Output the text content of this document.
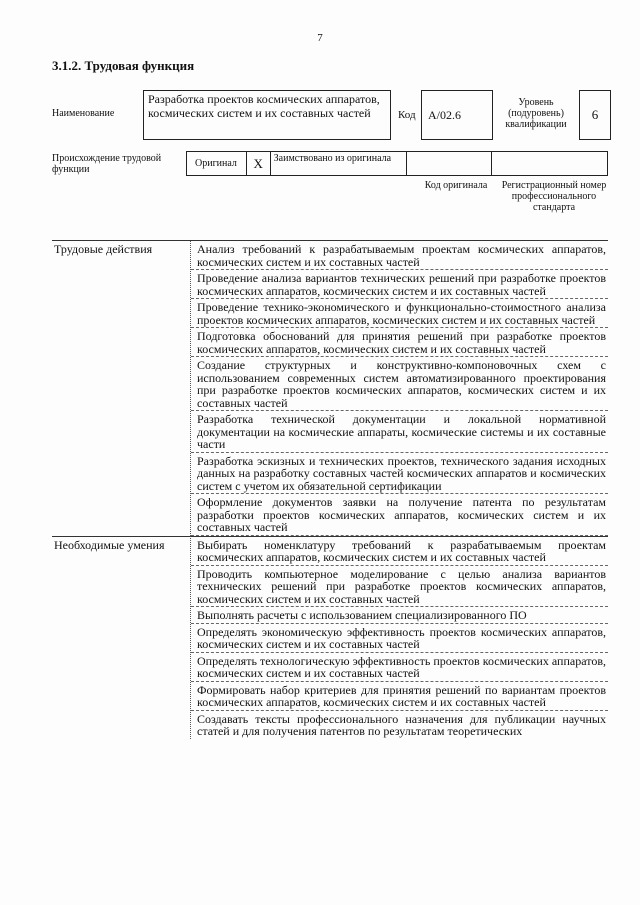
7
3.1.2. Трудовая функция
Наименование
Разработка проектов космических аппаратов, космических систем и их составных частей	Код	А/02.6
Уровень (подуровень) квалификации
6
Происхождение трудовой функции
Оригинал	X	Заимствовано из оригинала
Код оригинала	Регистрационный номер профессионального стандарта
Трудовые действия	Анализ требований к разрабатываемым проектам космических аппаратов, космических систем и их составных частей
Проведение анализа вариантов технических решений при разработке проектов космических аппаратов, космических систем и их составных частей
Проведение технико-экономического и функционально-стоимостного анализа проектов космических аппаратов, космических систем и их составных частей
Подготовка обоснований для принятия решений при разработке проектов космических аппаратов, космических систем и их составных частей
Создание структурных и конструктивно-компоновочных схем с использованием современных систем автоматизированного проектирования при разработке проектов космических аппаратов, космических систем и их составных частей
Разработка технической документации и локальной нормативной документации на космические аппараты, космические системы и их составные части
Разработка эскизных и технических проектов, технического задания исходных данных на разработку составных частей космических аппаратов и космических систем с учетом их обязательной сертификации
Оформление документов заявки на получение патента по результатам разработки проектов космических аппаратов, космических систем и их составных частей
Необходимые умения	Выбирать номенклатуру требований к разрабатываемым проектам космических аппаратов, космических систем и их составных частей
Проводить компьютерное моделирование с целью анализа вариантов технических решений при разработке проектов космических аппаратов, космических систем и их составных частей
Выполнять расчеты с использованием специализированного ПО
Определять экономическую эффективность проектов космических аппаратов, космических систем и их составных частей
Определять технологическую эффективность проектов космических аппаратов, космических систем и их составных частей
Формировать набор критериев для принятия решений по вариантам проектов космических аппаратов, космических систем и их составных частей
Создавать тексты профессионального назначения для публикации научных статей и для получения патентов по результатам теоретических
